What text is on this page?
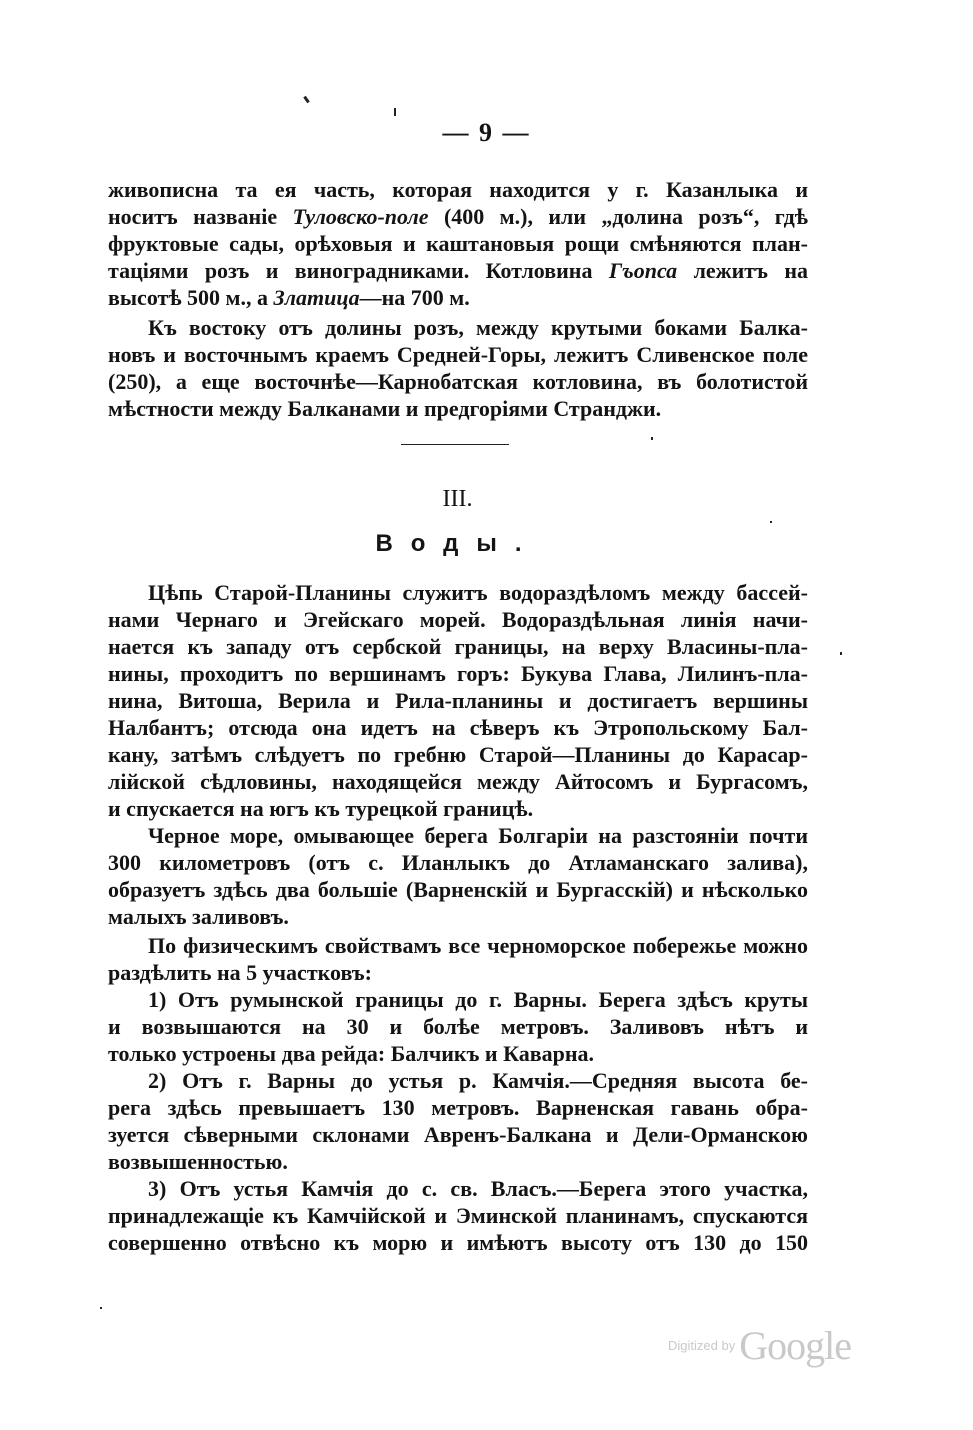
— 9 —
живописна та ея часть, которая находится у г. Казанлыка и
носитъ названіе Туловско-поле (400 м.), или „долина розъ“, гдѣ
фруктовые сады, орѣховыя и каштановыя рощи смѣняются план-
таціями розъ и виноградниками. Котловина Гъопса лежитъ на
высотѣ 500 м., а Златица—на 700 м.
Къ востоку отъ долины розъ, между крутыми боками Балка-
новъ и восточнымъ краемъ Средней-Горы, лежитъ Сливенское поле
(250), а еще восточнѣе—Карнобатская котловина, въ болотистой
мѣстности между Балканами и предгоріями Странджи.
III.
Воды.
Цѣпь Старой-Планины служитъ водораздѣломъ между бассей-
нами Чернаго и Эгейскаго морей. Водораздѣльная линія начи-
нается къ западу отъ сербской границы, на верху Власины-пла-
нины, проходитъ по вершинамъ горъ: Букува Глава, Лилинъ-пла-
нина, Витоша, Верила и Рила-планины и достигаетъ вершины
Налбантъ; отсюда она идетъ на сѣверъ къ Этропольскому Бал-
кану, затѣмъ слѣдуетъ по гребню Старой—Планины до Карасар-
лійской сѣдловины, находящейся между Айтосомъ и Бургасомъ,
и спускается на югъ къ турецкой границѣ.
Черное море, омывающее берега Болгаріи на разстояніи почти
300 километровъ (отъ с. Иланлыкъ до Атламанскаго залива),
образуетъ здѣсь два большіе (Варненскій и Бургасскій) и нѣсколько
малыхъ заливовъ.
По физическимъ свойствамъ все черноморское побережье можно
раздѣлить на 5 участковъ:
1) Отъ румынской границы до г. Варны. Берега здѣсъ круты
и возвышаются на 30 и болѣе метровъ. Заливовъ нѣтъ и
только устроены два рейда: Балчикъ и Каварна.
2) Отъ г. Варны до устья р. Камчія.—Средняя высота бе-
рега здѣсь превышаетъ 130 метровъ. Варненская гавань обра-
зуется сѣверными склонами Авренъ-Балкана и Дели-Орманскою
возвышенностью.
3) Отъ устья Камчія до с. св. Власъ.—Берега этого участка,
принадлежащіе къ Камчійской и Эминской планинамъ, спускаются
совершенно отвѣсно къ морю и имѣютъ высоту отъ 130 до 150
Digitized by Google
